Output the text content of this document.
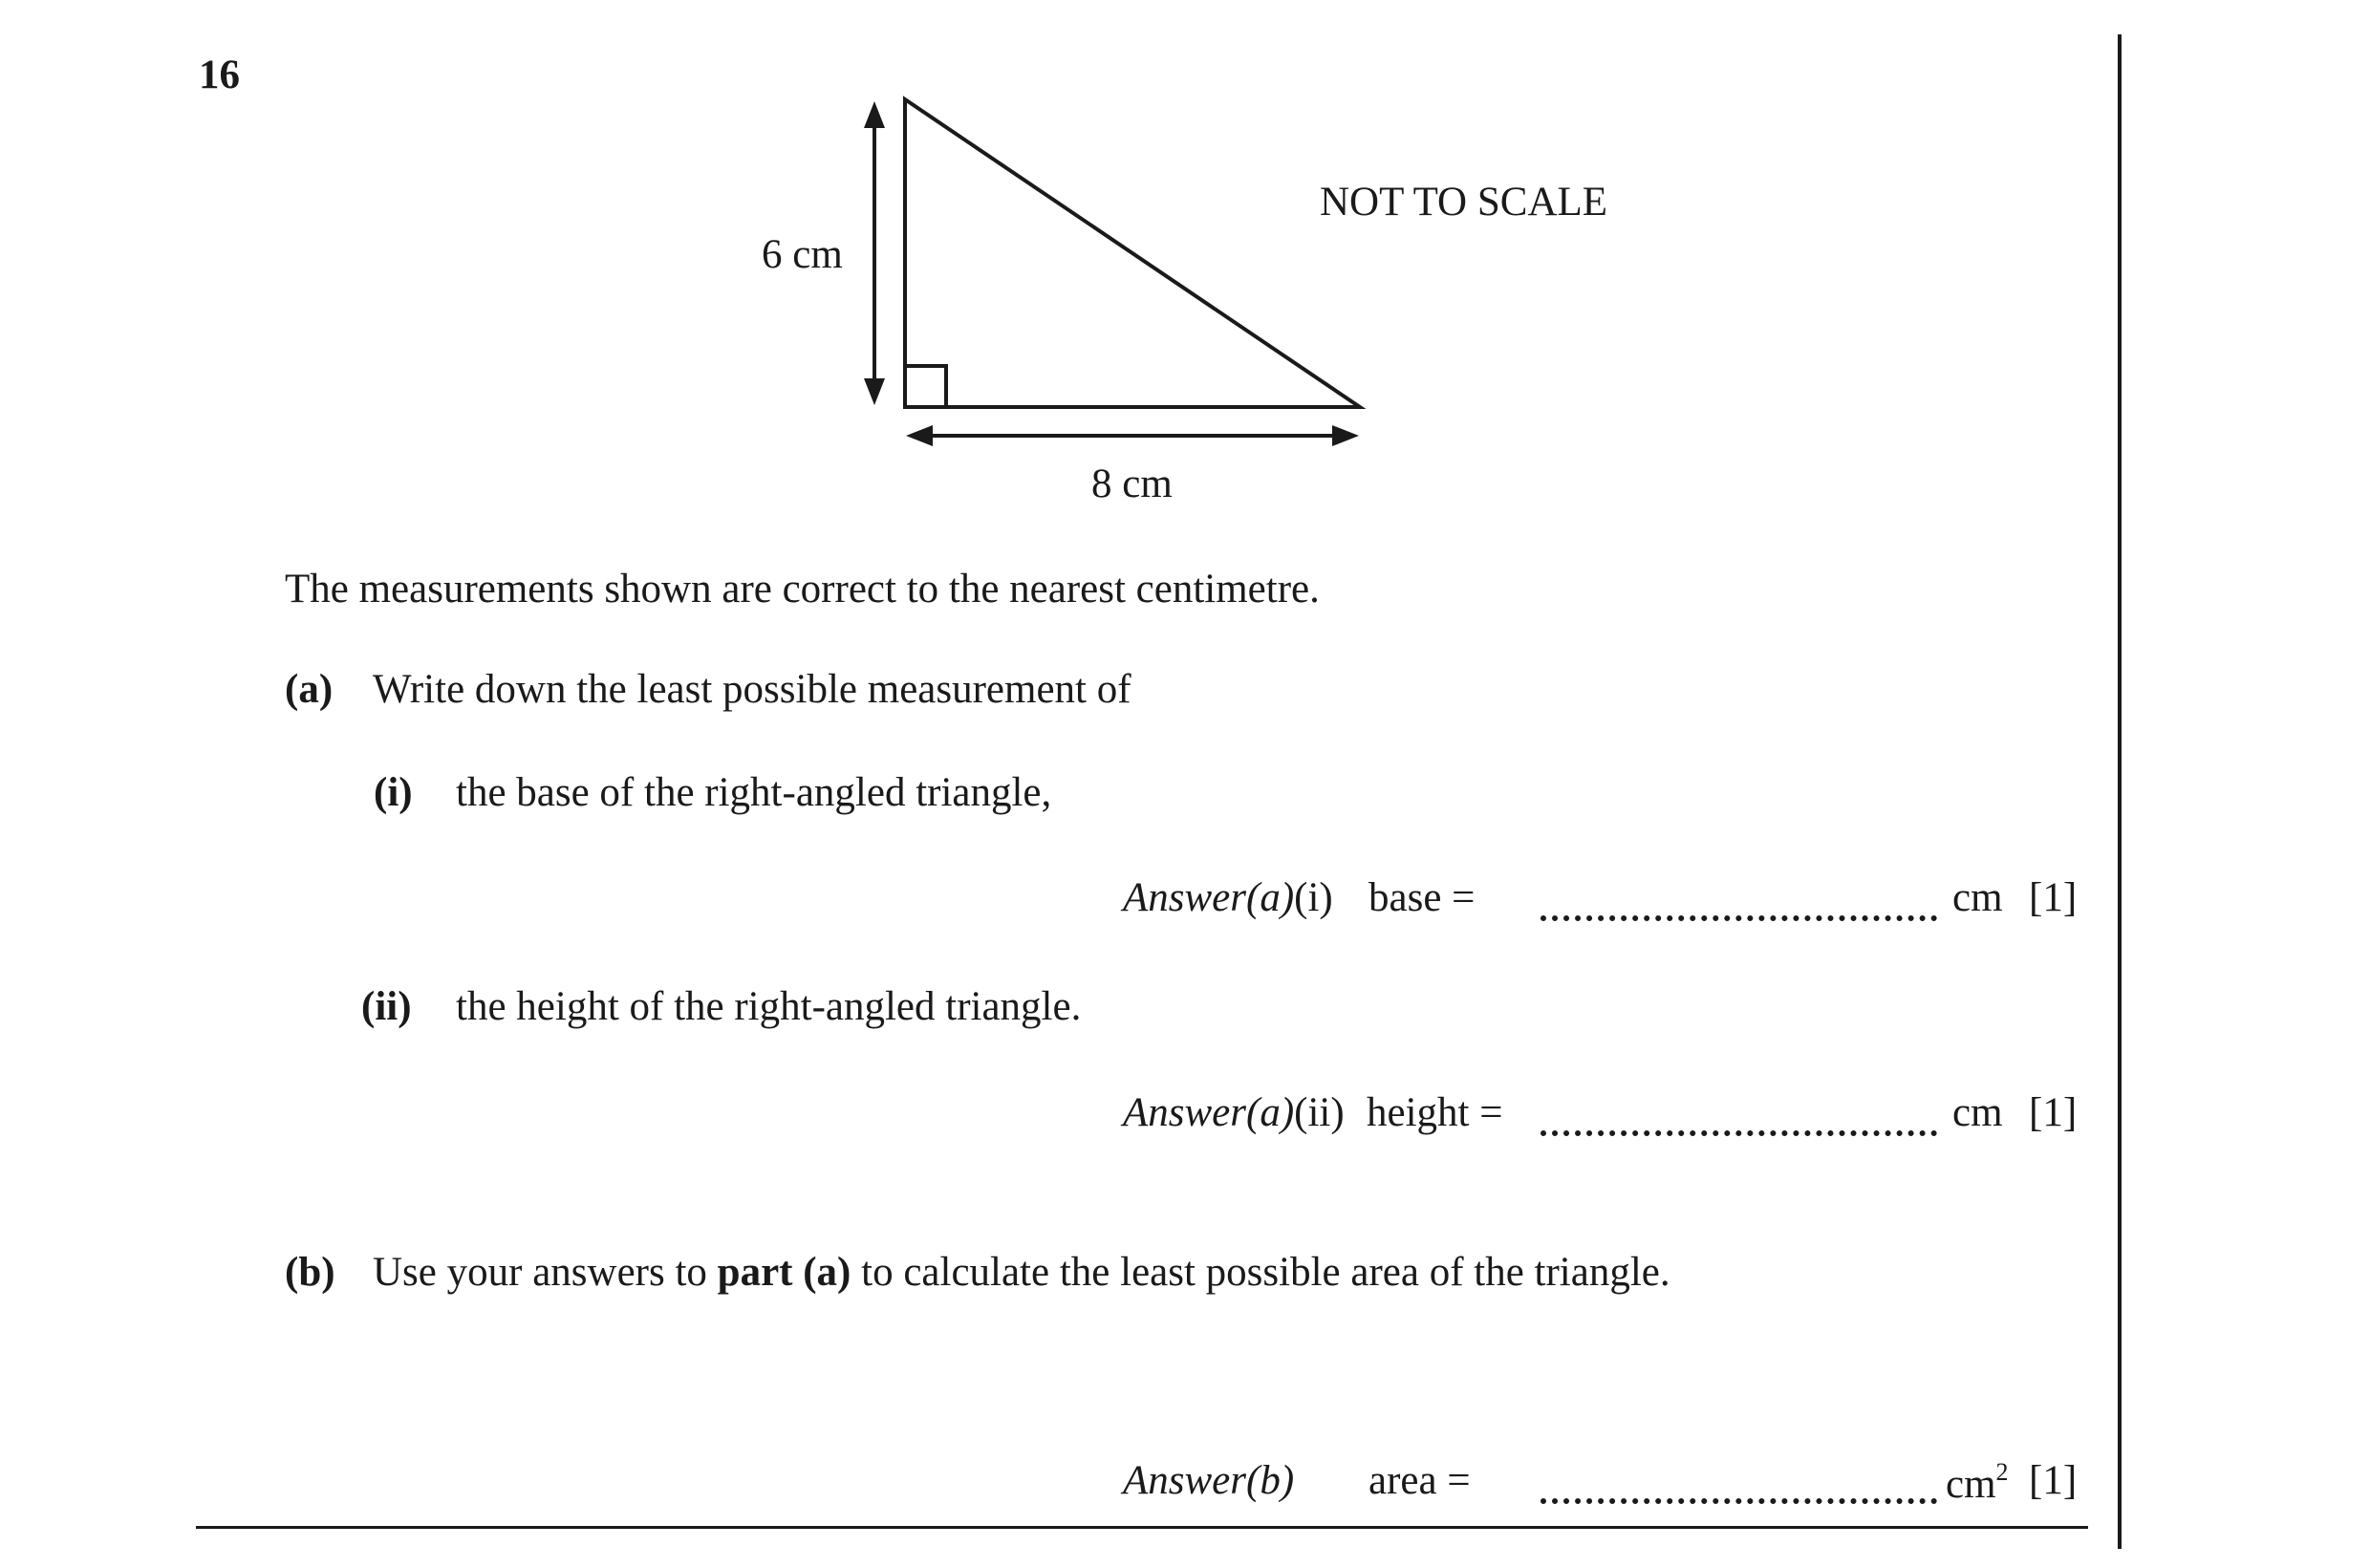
16
6 cm
8 cm
NOT TO SCALE
The measurements shown are correct to the nearest centimetre.
(a) Write down the least possible measurement of
(i) the base of the right-angled triangle,
Answer(a)(i) base =	cm [1]
(ii) the height of the right-angled triangle.
Answer(a)(ii) height =	cm [1]
(b) Use your answers to part (a) to calculate the least possible area of the triangle.
Answer(b) area =	$cm^2$ [1]
